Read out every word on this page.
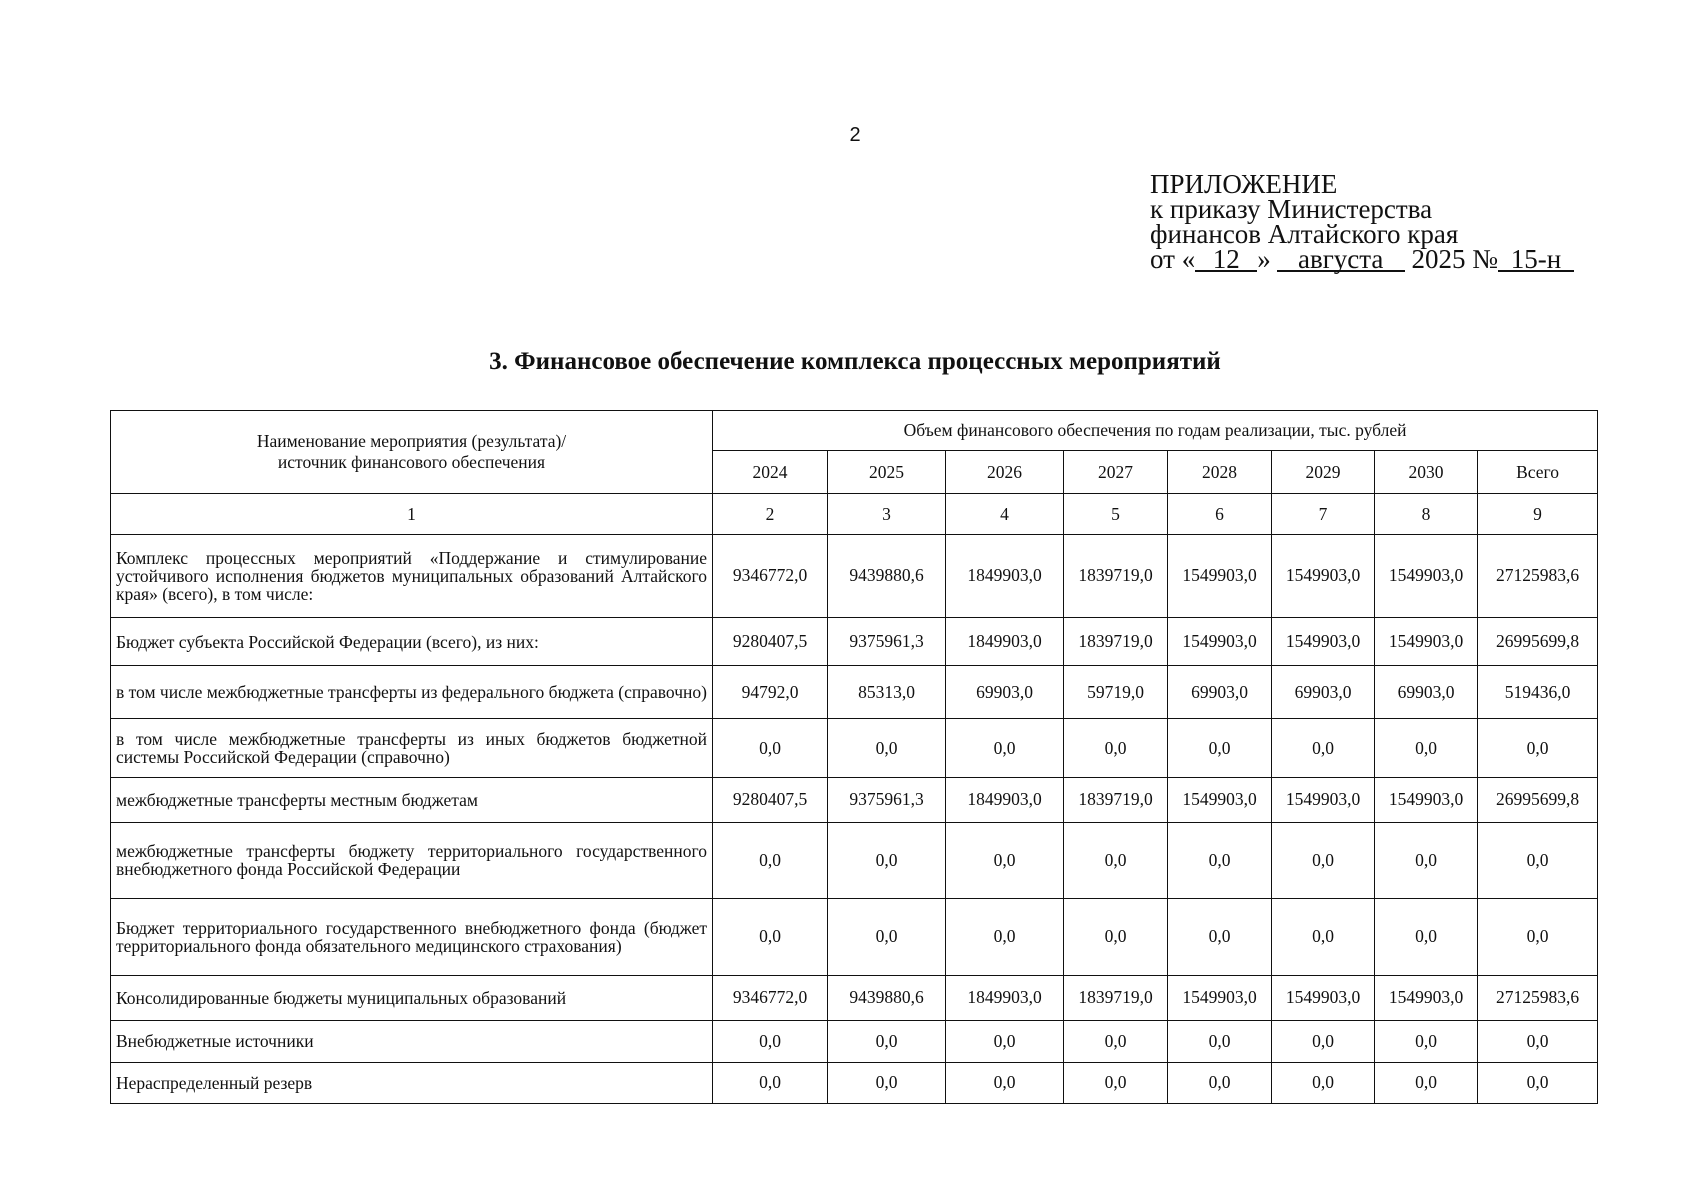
2
ПРИЛОЖЕНИЕ
к приказу Министерства
финансов Алтайского края
от « 12 » августа 2025 № 15-н
3. Финансовое обеспечение комплекса процессных мероприятий
Наименование мероприятия (результата)/ источник финансового обеспечения	Объем финансового обеспечения по годам реализации, тыс. рублей							
	2024	2025	2026	2027	2028	2029	2030	Всего
1	2	3	4	5	6	7	8	9
Комплекс процессных мероприятий «Поддержание и стимулирование устойчивого исполнения бюджетов муниципальных образований Алтайского края» (всего), в том числе:	9346772,0	9439880,6	1849903,0	1839719,0	1549903,0	1549903,0	1549903,0	27125983,6
Бюджет субъекта Российской Федерации (всего), из них:	9280407,5	9375961,3	1849903,0	1839719,0	1549903,0	1549903,0	1549903,0	26995699,8
в том числе межбюджетные трансферты из федерального бюджета (справочно)	94792,0	85313,0	69903,0	59719,0	69903,0	69903,0	69903,0	519436,0
в том числе межбюджетные трансферты из иных бюджетов бюджетной системы Российской Федерации (справочно)	0,0	0,0	0,0	0,0	0,0	0,0	0,0	0,0
межбюджетные трансферты местным бюджетам	9280407,5	9375961,3	1849903,0	1839719,0	1549903,0	1549903,0	1549903,0	26995699,8
межбюджетные трансферты бюджету территориального государственного внебюджетного фонда Российской Федерации	0,0	0,0	0,0	0,0	0,0	0,0	0,0	0,0
Бюджет территориального государственного внебюджетного фонда (бюджет территориального фонда обязательного медицинского страхования)	0,0	0,0	0,0	0,0	0,0	0,0	0,0	0,0
Консолидированные бюджеты муниципальных образований	9346772,0	9439880,6	1849903,0	1839719,0	1549903,0	1549903,0	1549903,0	27125983,6
Внебюджетные источники	0,0	0,0	0,0	0,0	0,0	0,0	0,0	0,0
Нераспределенный резерв	0,0	0,0	0,0	0,0	0,0	0,0	0,0	0,0
